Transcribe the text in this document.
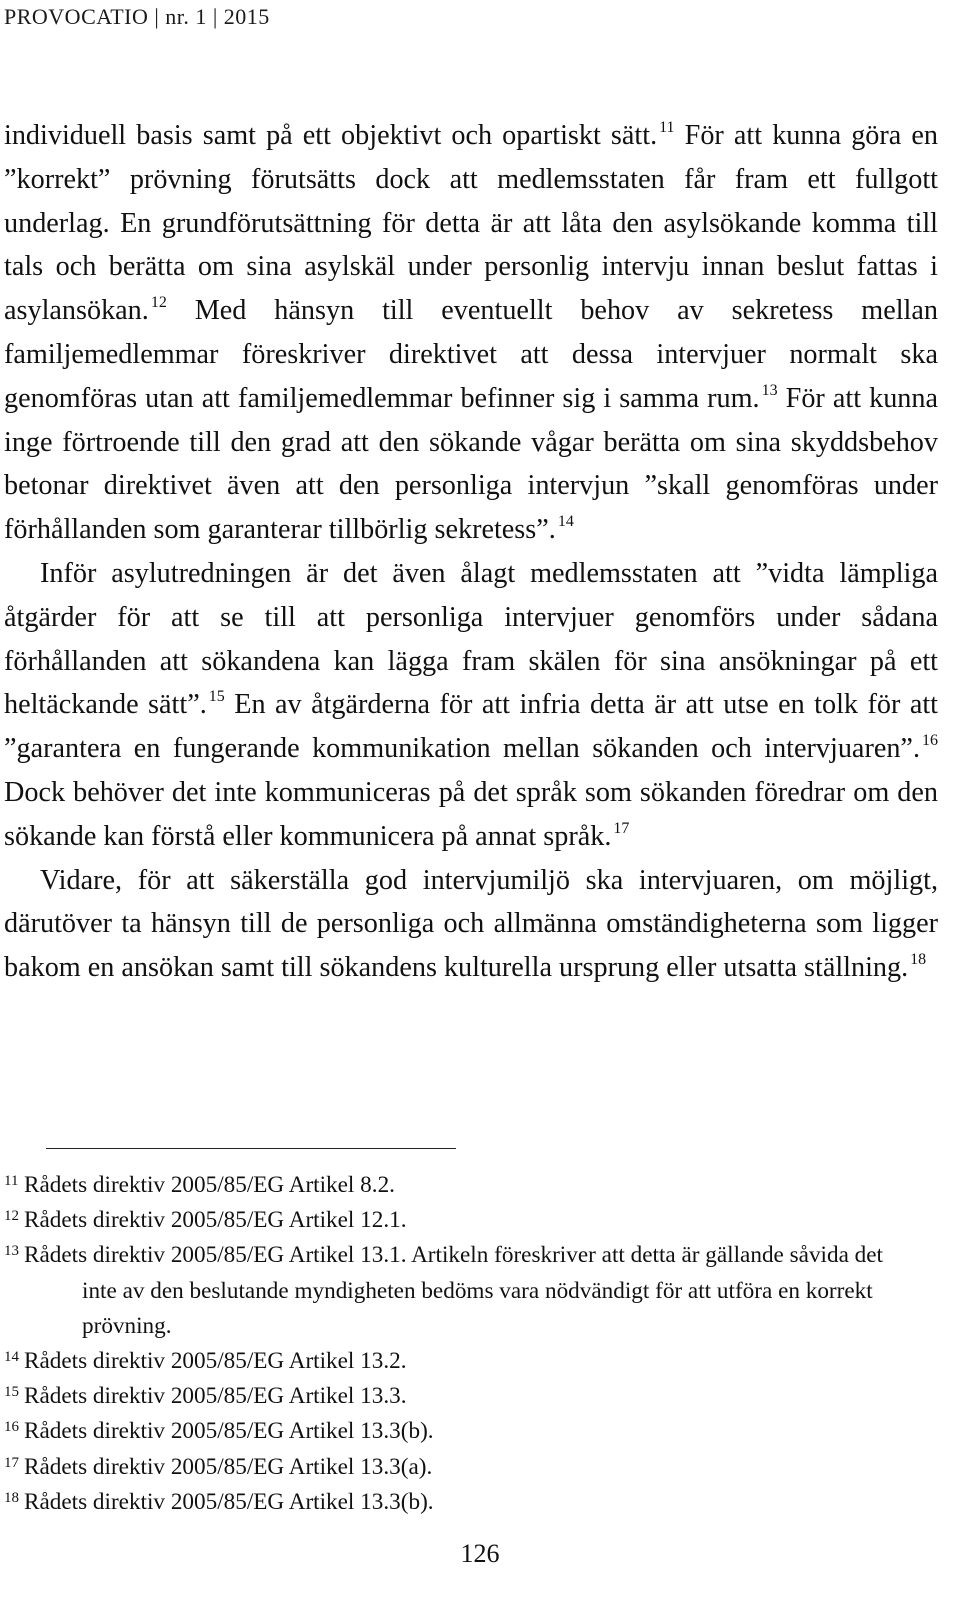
PROVOCATIO | nr. 1 | 2015

individuell basis samt på ett objektivt och opartiskt sätt. $^{11}$ För att kunna göra en ”korrekt” prövning förutsätts dock att medlemsstaten får fram ett fullgott underlag. En grundförutsättning för detta är att låta den asylsökande komma till tals och berätta om sina asylskäl under personlig intervju innan beslut fattas i asylansökan. $^{12}$ Med hänsyn till eventuellt behov av sekretess mellan familjemedlemmar föreskriver direktivet att dessa intervjuer normalt ska genomföras utan att familjemedlemmar befinner sig i samma rum. $^{13}$ För att kunna inge förtroende till den grad att den sökande vågar berätta om sina skyddsbehov betonar direktivet även att den personliga intervjun ”skall genomföras under förhållanden som garanterar tillbörlig sekretess”. $^{14}$

Inför asylutredningen är det även ålagt medlemsstaten att ”vidta lämpliga åtgärder för att se till att personliga intervjuer genomförs under sådana förhållanden att sökandena kan lägga fram skälen för sina ansökningar på ett heltäckande sätt”. $^{15}$ En av åtgärderna för att infria detta är att utse en tolk för att ”garantera en fungerande kommunikation mellan sökanden och intervjuaren”. $^{16}$ Dock behöver det inte kommuniceras på det språk som sökanden föredrar om den sökande kan förstå eller kommunicera på annat språk. $^{17}$

Vidare, för att säkerställa god intervjumiljö ska intervjuaren, om möjligt, därutöver ta hänsyn till de personliga och allmänna omständigheterna som ligger bakom en ansökan samt till sökandens kulturella ursprung eller utsatta ställning. $^{18}$

11 Rådets direktiv 2005/85/EG Artikel 8.2.
12 Rådets direktiv 2005/85/EG Artikel 12.1.
13 Rådets direktiv 2005/85/EG Artikel 13.1. Artikeln föreskriver att detta är gällande såvida det inte av den beslutande myndigheten bedöms vara nödvändigt för att utföra en korrekt prövning.
14 Rådets direktiv 2005/85/EG Artikel 13.2.
15 Rådets direktiv 2005/85/EG Artikel 13.3.
16 Rådets direktiv 2005/85/EG Artikel 13.3(b).
17 Rådets direktiv 2005/85/EG Artikel 13.3(a).
18 Rådets direktiv 2005/85/EG Artikel 13.3(b).
126
